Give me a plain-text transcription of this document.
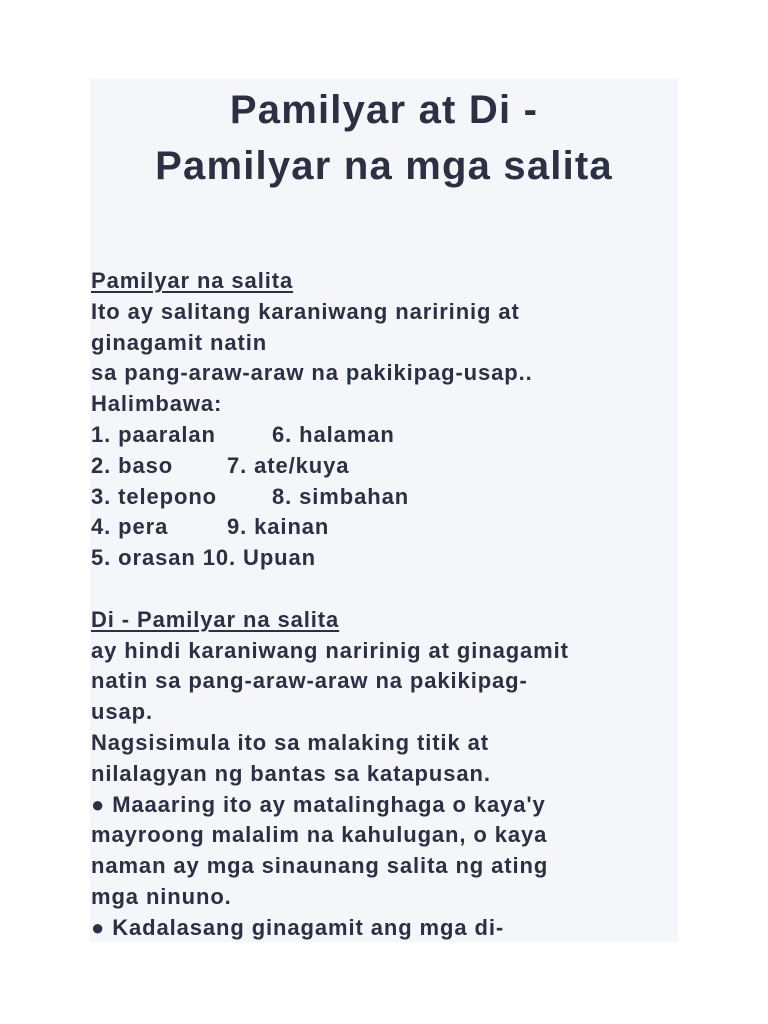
Pamilyar at Di -
Pamilyar na mga salita
Pamilyar na salita
Ito ay salitang karaniwang naririnig at
ginagamit natin
sa pang-araw-araw na pakikipag-usap..
Halimbawa:
1. paaralan	6. halaman
2. baso 7. ate/kuya
3. telepono 8. simbahan
4. pera	9. kainan
5. orasan 10. Upuan
Di - Pamilyar na salita
ay hindi karaniwang naririnig at ginagamit
natin sa pang-araw-araw na pakikipag-
usap.
Nagsisimula ito sa malaking titik at
nilalagyan ng bantas sa katapusan.
● Maaaring ito ay matalinghaga o kaya'y
mayroong malalim na kahulugan, o kaya
naman ay mga sinaunang salita ng ating
mga ninuno.
● Kadalasang ginagamit ang mga di-
